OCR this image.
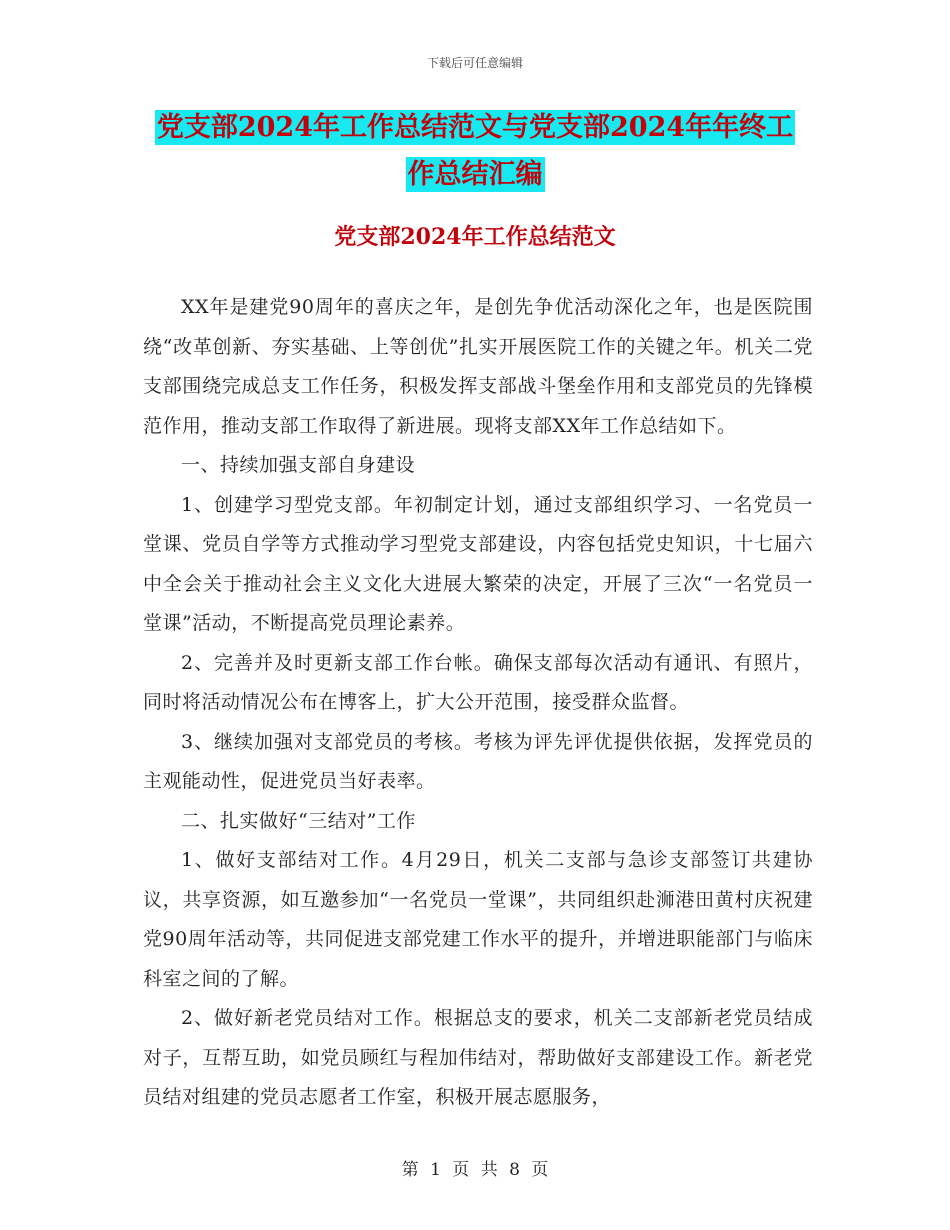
下载后可任意编辑
党支部2024年工作总结范文与党支部2024年年终工
作总结汇编
党支部2024年工作总结范文

XX年是建党90周年的喜庆之年，是创先争优活动深化之年，也是医院围绕“改革创新、夯实基础、上等创优”扎实开展医院工作的关键之年。机关二党支部围绕完成总支工作任务，积极发挥支部战斗堡垒作用和支部党员的先锋模范作用，推动支部工作取得了新进展。现将支部XX年工作总结如下。

一、持续加强支部自身建设

1、创建学习型党支部。年初制定计划，通过支部组织学习、一名党员一堂课、党员自学等方式推动学习型党支部建设，内容包括党史知识，十七届六中全会关于推动社会主义文化大进展大繁荣的决定，开展了三次“一名党员一堂课”活动，不断提高党员理论素养。

2、完善并及时更新支部工作台帐。确保支部每次活动有通讯、有照片，同时将活动情况公布在博客上，扩大公开范围，接受群众监督。

3、继续加强对支部党员的考核。考核为评先评优提供依据，发挥党员的主观能动性，促进党员当好表率。

二、扎实做好“三结对”工作

1、做好支部结对工作。4月29日，机关二支部与急诊支部签订共建协议，共享资源，如互邀参加“一名党员一堂课”，共同组织赴浉港田黄村庆祝建党90周年活动等，共同促进支部党建工作水平的提升，并增进职能部门与临床科室之间的了解。

2、做好新老党员结对工作。根据总支的要求，机关二支部新老党员结成对子，互帮互助，如党员顾红与程加伟结对，帮助做好支部建设工作。新老党员结对组建的党员志愿者工作室，积极开展志愿服务，

第 1 页 共 8 页
